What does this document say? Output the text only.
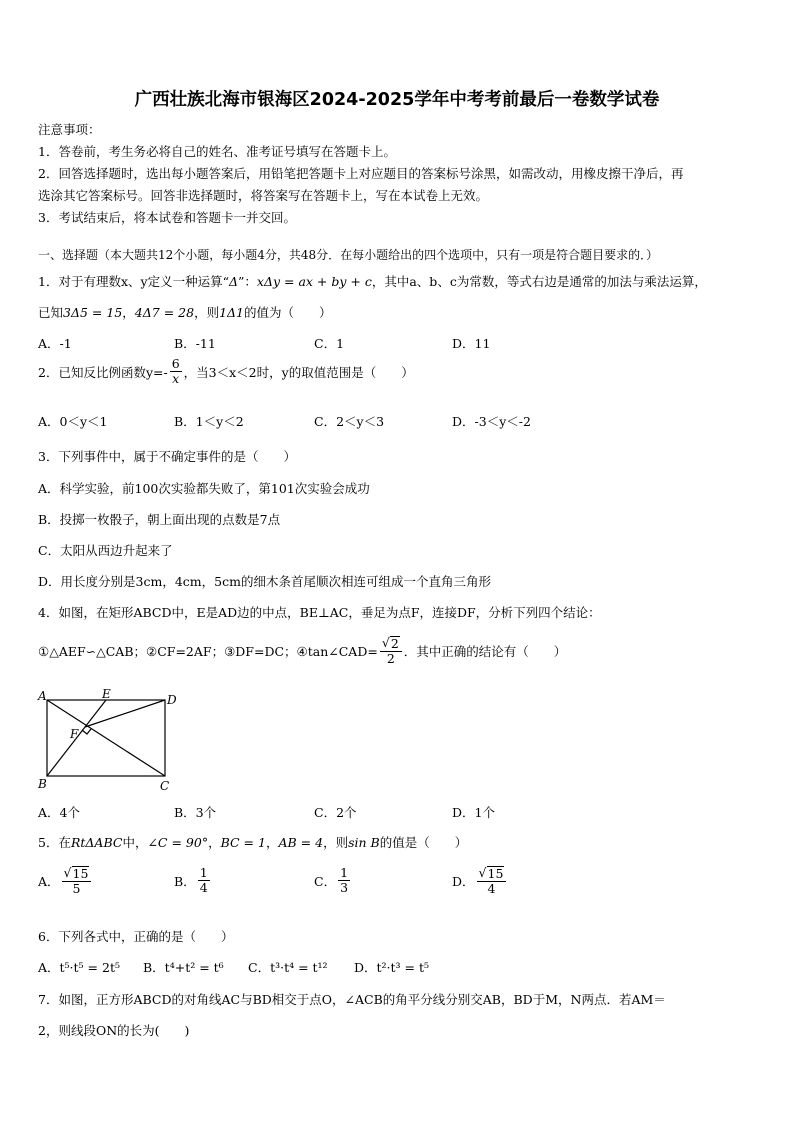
广西壮族北海市银海区2024-2025学年中考考前最后一卷数学试卷
注意事项：
1．答卷前，考生务必将自己的姓名、准考证号填写在答题卡上。
2．回答选择题时，选出每小题答案后，用铅笔把答题卡上对应题目的答案标号涂黑，如需改动，用橡皮擦干净后，再
选涂其它答案标号。回答非选择题时，将答案写在答题卡上，写在本试卷上无效。
3．考试结束后，将本试卷和答题卡一并交回。
一、选择题（本大题共12个小题，每小题4分，共48分．在每小题给出的四个选项中，只有一项是符合题目要求的．）
1．对于有理数x、y定义一种运算“Δ”：xΔy = ax + by + c，其中a、b、c为常数，等式右边是通常的加法与乘法运算，
已知3Δ5 = 15，4Δ7 = 28，则1Δ1的值为（　　）
A．-1	B．-11	C．1	D．11
2．已知反比例函数$y=- \frac{6}{x}$ ，当3＜x＜2时，y的取值范围是（　　）
A．0＜y＜1	B．1＜y＜2	C．2＜y＜3	D．-3＜y＜-2
3．下列事件中，属于不确定事件的是（　　）
A．科学实验，前100次实验都失败了，第101次实验会成功
B．投掷一枚骰子，朝上面出现的点数是7点
C．太阳从西边升起来了
D．用长度分别是3cm，4cm，5cm的细木条首尾顺次相连可组成一个直角三角形
4．如图，在矩形ABCD中，E是AD边的中点，BE⊥AC，垂足为点F，连接DF，分析下列四个结论：
①△AEF∽△CAB；②CF=2AF；③DF=DC；④tan∠CAD= $\frac{√ 2}{2}$ ．其中正确的结论有（　　）
A	E	D
F
B	C
A．4个	B．3个	C．2个	D．1个
5．在RtΔABC中，∠C = 90°，BC = 1，AB = 4，则sin B的值是（　　）
A． $\frac{√ 15}{5}$	B． $\frac{1}{4}$	C． $\frac{1}{3}$	D． $\frac{√ 15}{4}$
6．下列各式中，正确的是（　　）
A．t⁵·t⁵ = 2t⁵ B．t⁴+t² = t⁶ C．t³·t⁴ = t¹² D．t²·t³ = t⁵
7．如图，正方形ABCD的对角线AC与BD相交于点O，∠ACB的角平分线分别交AB，BD于M，N两点．若AM＝
2，则线段ON的长为(　　)
